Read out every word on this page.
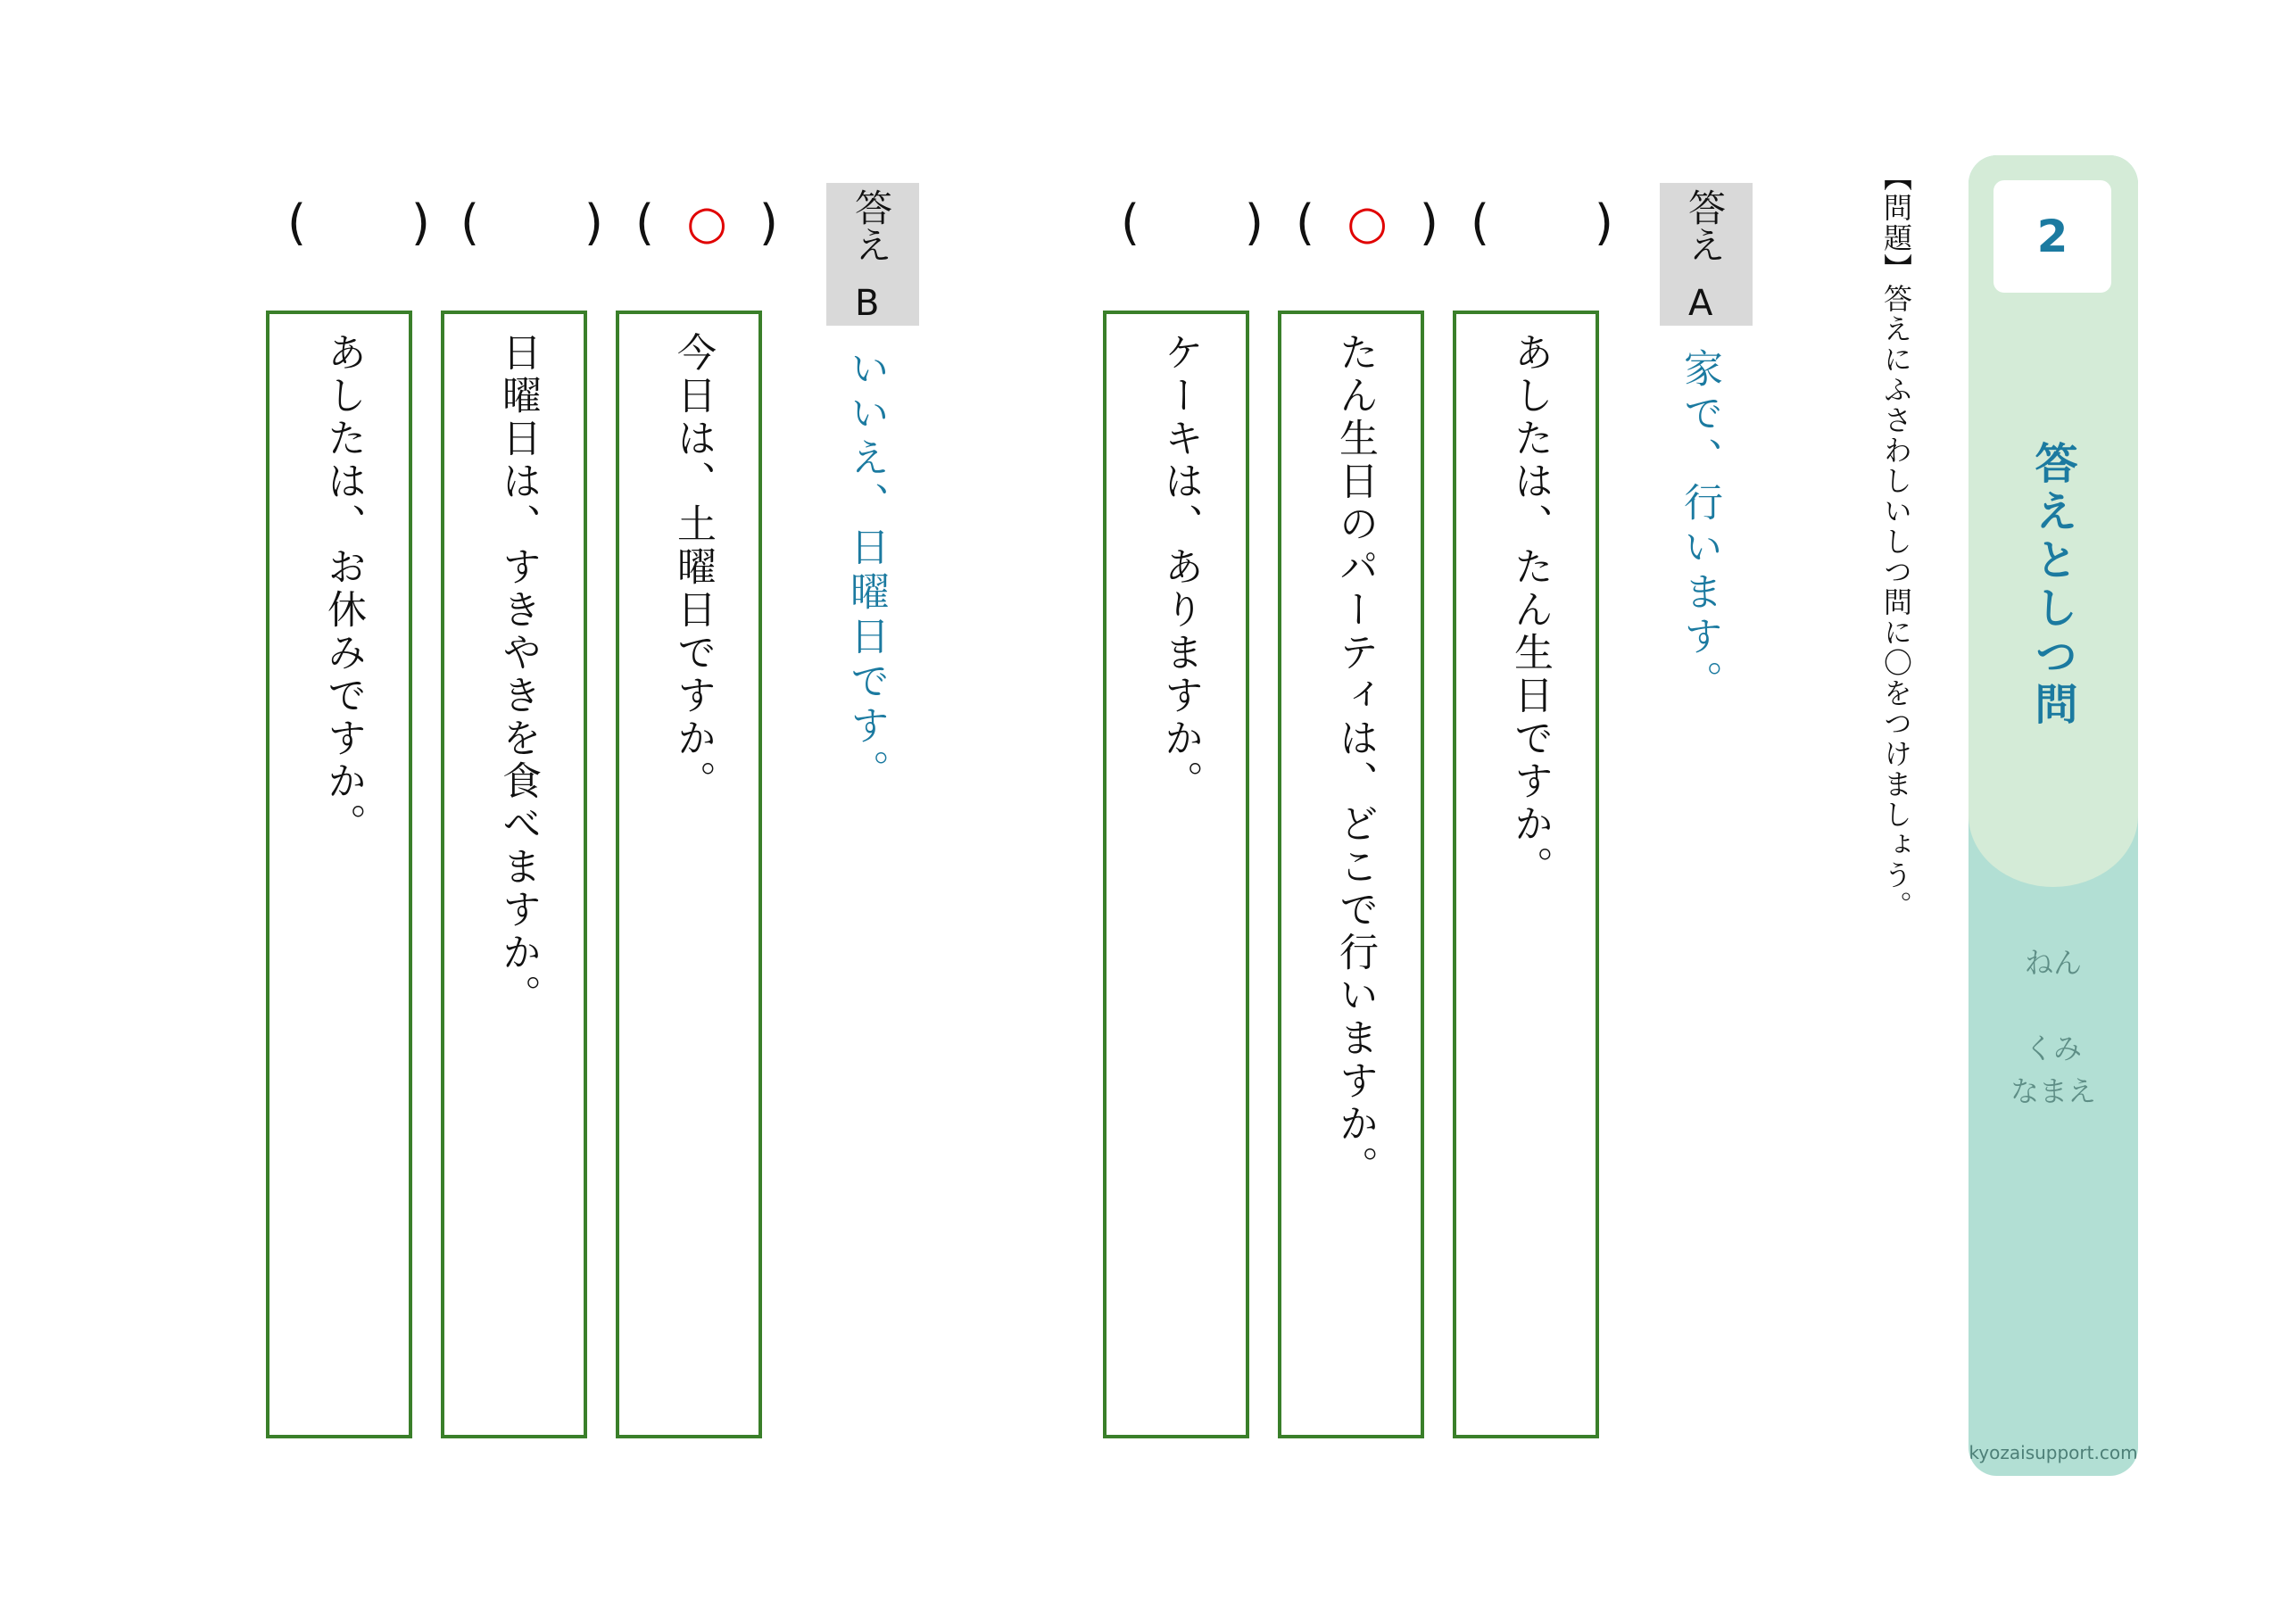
2
答えとしつ問
ねん
くみ
なまえ
kyozaisupport.com
【問題】答えにふさわしいしつ問に〇をつけましょう。
答え
A
家で、行います。
( )
( ○ )
( )
あしたは、たん生日ですか。
たん生日のパーティは、どこで行いますか。
ケーキは、ありますか。
答え
B
いいえ、日曜日です。
( ○ )
( )
( )
今日は、土曜日ですか。
日曜日は、すきやきを食べますか。
あしたは、お休みですか。
